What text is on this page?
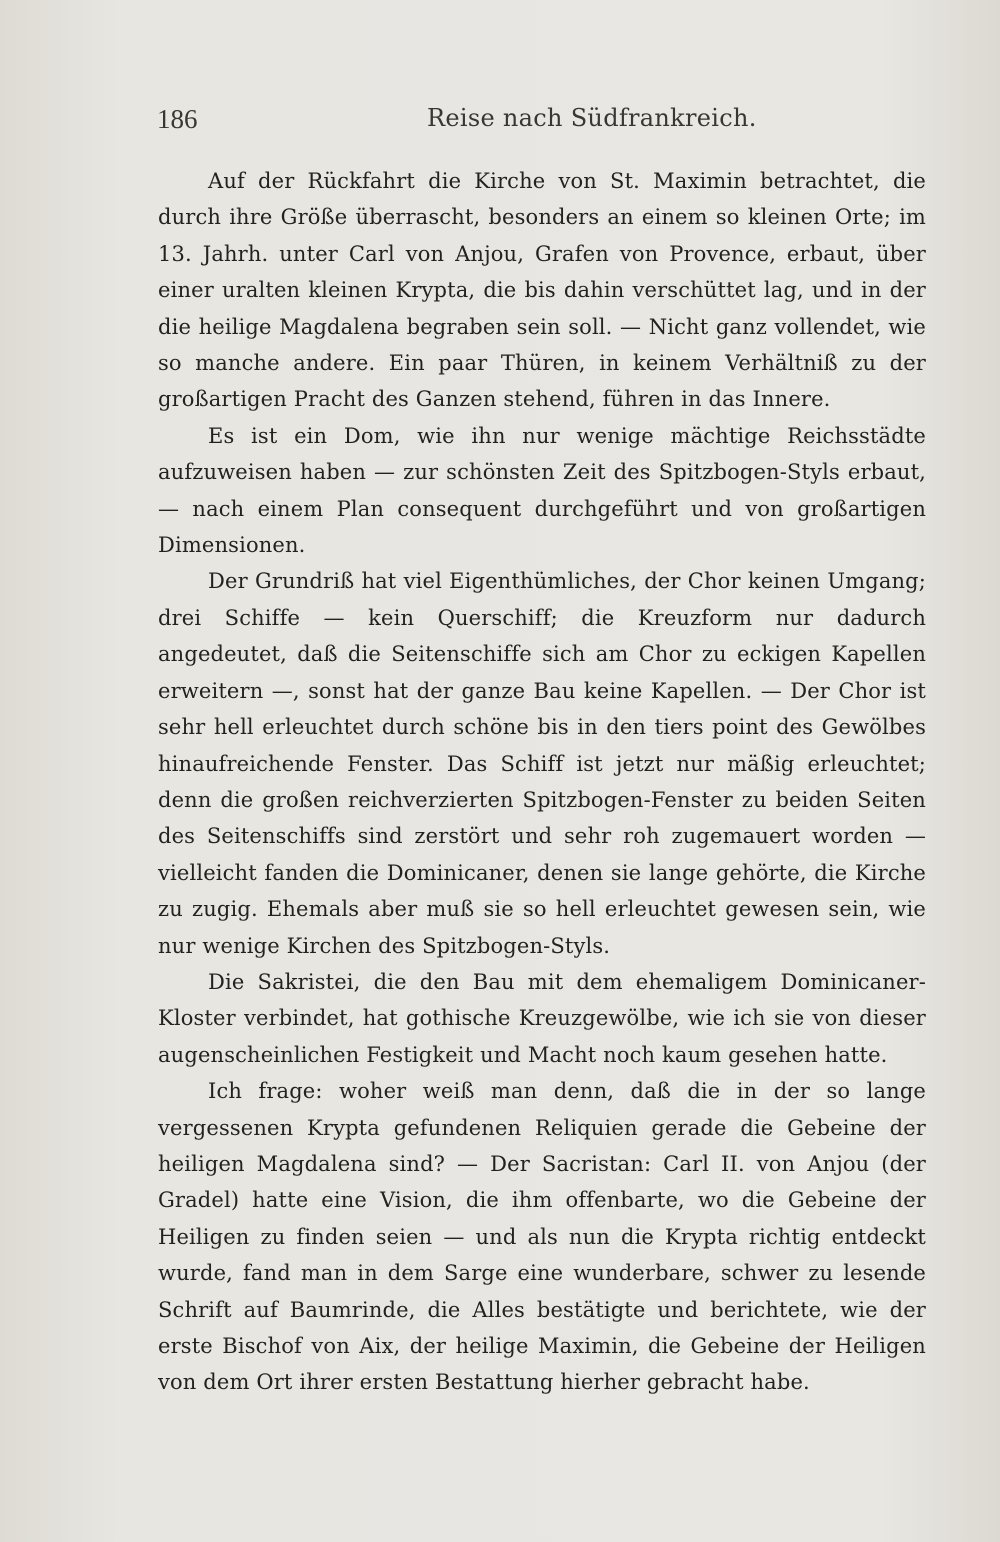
186	Reise nach Südfrankreich.

Auf der Rückfahrt die Kirche von St. Maximin betrachtet, die durch ihre Größe überrascht, besonders an einem so kleinen Orte; im 13. Jahrh. unter Carl von Anjou, Grafen von Provence, erbaut, über einer uralten kleinen Krypta, die bis dahin verschüttet lag, und in der die heilige Magdalena begraben sein soll. — Nicht ganz vollendet, wie so manche andere. Ein paar Thüren, in keinem Verhältniß zu der großartigen Pracht des Ganzen stehend, führen in das Innere.

Es ist ein Dom, wie ihn nur wenige mächtige Reichsstädte aufzuweisen haben — zur schönsten Zeit des Spitzbogen-Styls erbaut, — nach einem Plan consequent durchgeführt und von großartigen Dimensionen.

Der Grundriß hat viel Eigenthümliches, der Chor keinen Umgang; drei Schiffe — kein Querschiff; die Kreuzform nur dadurch angedeutet, daß die Seitenschiffe sich am Chor zu eckigen Kapellen erweitern —, sonst hat der ganze Bau keine Kapellen. — Der Chor ist sehr hell erleuchtet durch schöne bis in den tiers point des Gewölbes hinaufreichende Fenster. Das Schiff ist jetzt nur mäßig erleuchtet; denn die großen reichverzierten Spitzbogen-Fenster zu beiden Seiten des Seitenschiffs sind zerstört und sehr roh zugemauert worden — vielleicht fanden die Dominicaner, denen sie lange gehörte, die Kirche zu zugig. Ehemals aber muß sie so hell erleuchtet gewesen sein, wie nur wenige Kirchen des Spitzbogen-Styls.

Die Sakristei, die den Bau mit dem ehemaligem Dominicaner-Kloster verbindet, hat gothische Kreuzgewölbe, wie ich sie von dieser augenscheinlichen Festigkeit und Macht noch kaum gesehen hatte.

Ich frage: woher weiß man denn, daß die in der so lange vergessenen Krypta gefundenen Reliquien gerade die Gebeine der heiligen Magdalena sind? — Der Sacristan: Carl II. von Anjou (der Gradel) hatte eine Vision, die ihm offenbarte, wo die Gebeine der Heiligen zu finden seien — und als nun die Krypta richtig entdeckt wurde, fand man in dem Sarge eine wunderbare, schwer zu lesende Schrift auf Baumrinde, die Alles bestätigte und berichtete, wie der erste Bischof von Aix, der heilige Maximin, die Gebeine der Heiligen von dem Ort ihrer ersten Bestattung hierher gebracht habe.
